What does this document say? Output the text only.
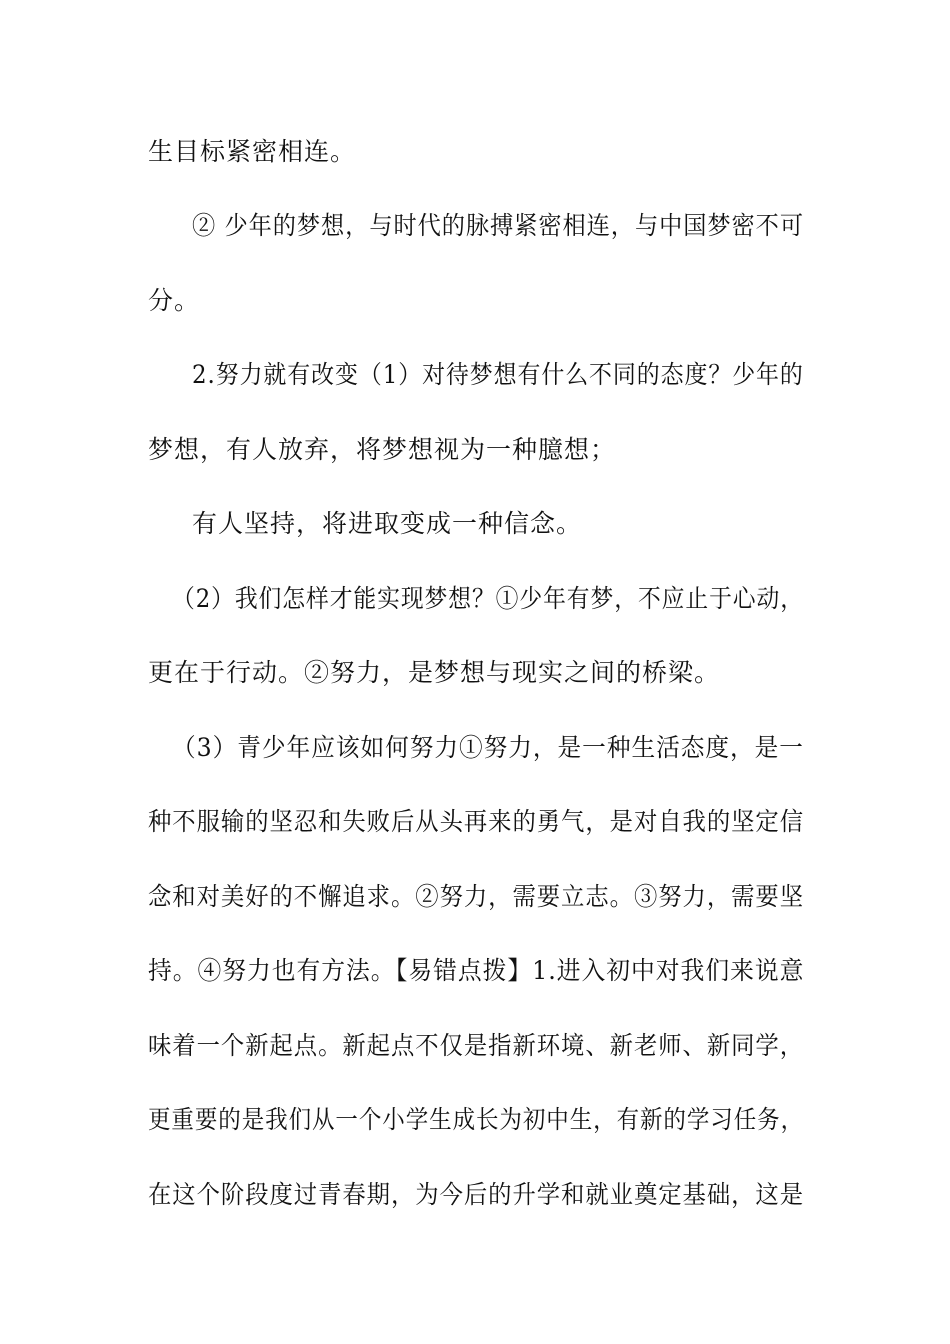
生目标紧密相连。
② 少年的梦想，与时代的脉搏紧密相连，与中国梦密不可
分。
2.努力就有改变（1）对待梦想有什么不同的态度？少年的
梦想，有人放弃，将梦想视为一种臆想；
有人坚持，将进取变成一种信念。
（2）我们怎样才能实现梦想？①少年有梦，不应止于心动，
更在于行动。②努力，是梦想与现实之间的桥梁。
（3）青少年应该如何努力①努力，是一种生活态度，是一
种不服输的坚忍和失败后从头再来的勇气，是对自我的坚定信
念和对美好的不懈追求。②努力，需要立志。③努力，需要坚
持。④努力也有方法。【易错点拨】1.进入初中对我们来说意
味着一个新起点。新起点不仅是指新环境、新老师、新同学，
更重要的是我们从一个小学生成长为初中生，有新的学习任务，
在这个阶段度过青春期，为今后的升学和就业奠定基础，这是
